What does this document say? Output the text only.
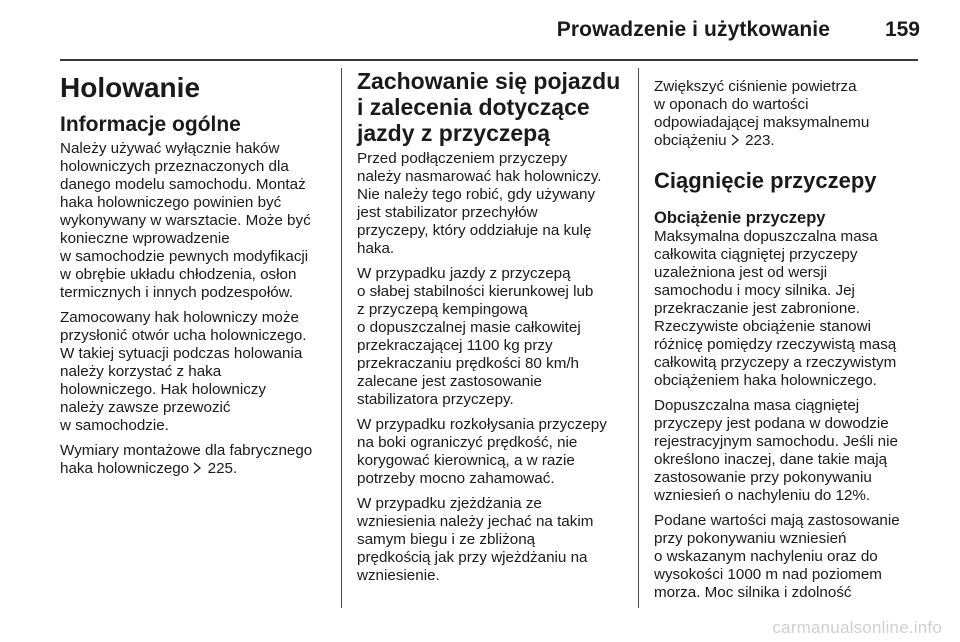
Prowadzenie i użytkowanie	159
Holowanie
Informacje ogólne

Należy używać wyłącznie haków
holowniczych przeznaczonych dla
danego modelu samochodu. Montaż
haka holowniczego powinien być
wykonywany w warsztacie. Może być
konieczne wprowadzenie
w samochodzie pewnych modyfikacji
w obrębie układu chłodzenia, osłon
termicznych i innych podzespołów.

Zamocowany hak holowniczy może
przysłonić otwór ucha holowniczego.
W takiej sytuacji podczas holowania
należy korzystać z haka
holowniczego. Hak holowniczy
należy zawsze przewozić
w samochodzie.

Wymiary montażowe dla fabrycznego
haka holowniczego 225.

Zachowanie się pojazdu
i zalecenia dotyczące
jazdy z przyczepą

Przed podłączeniem przyczepy
należy nasmarować hak holowniczy.
Nie należy tego robić, gdy używany
jest stabilizator przechyłów
przyczepy, który oddziałuje na kulę
haka.

W przypadku jazdy z przyczepą
o słabej stabilności kierunkowej lub
z przyczepą kempingową
o dopuszczalnej masie całkowitej
przekraczającej 1100 kg przy
przekraczaniu prędkości 80 km/h
zalecane jest zastosowanie
stabilizatora przyczepy.

W przypadku rozkołysania przyczepy
na boki ograniczyć prędkość, nie
korygować kierownicą, a w razie
potrzeby mocno zahamować.

W przypadku zjeżdżania ze
wzniesienia należy jechać na takim
samym biegu i ze zbliżoną
prędkością jak przy wjeżdżaniu na
wzniesienie.

Zwiększyć ciśnienie powietrza
w oponach do wartości
odpowiadającej maksymalnemu
obciążeniu 223.

Ciągnięcie przyczepy
Obciążenie przyczepy

Maksymalna dopuszczalna masa
całkowita ciągniętej przyczepy
uzależniona jest od wersji
samochodu i mocy silnika. Jej
przekraczanie jest zabronione.
Rzeczywiste obciążenie stanowi
różnicę pomiędzy rzeczywistą masą
całkowitą przyczepy a rzeczywistym
obciążeniem haka holowniczego.

Dopuszczalna masa ciągniętej
przyczepy jest podana w dowodzie
rejestracyjnym samochodu. Jeśli nie
określono inaczej, dane takie mają
zastosowanie przy pokonywaniu
wzniesień o nachyleniu do 12%.

Podane wartości mają zastosowanie
przy pokonywaniu wzniesień
o wskazanym nachyleniu oraz do
wysokości 1000 m nad poziomem
morza. Moc silnika i zdolność

carmanualsonline.info
